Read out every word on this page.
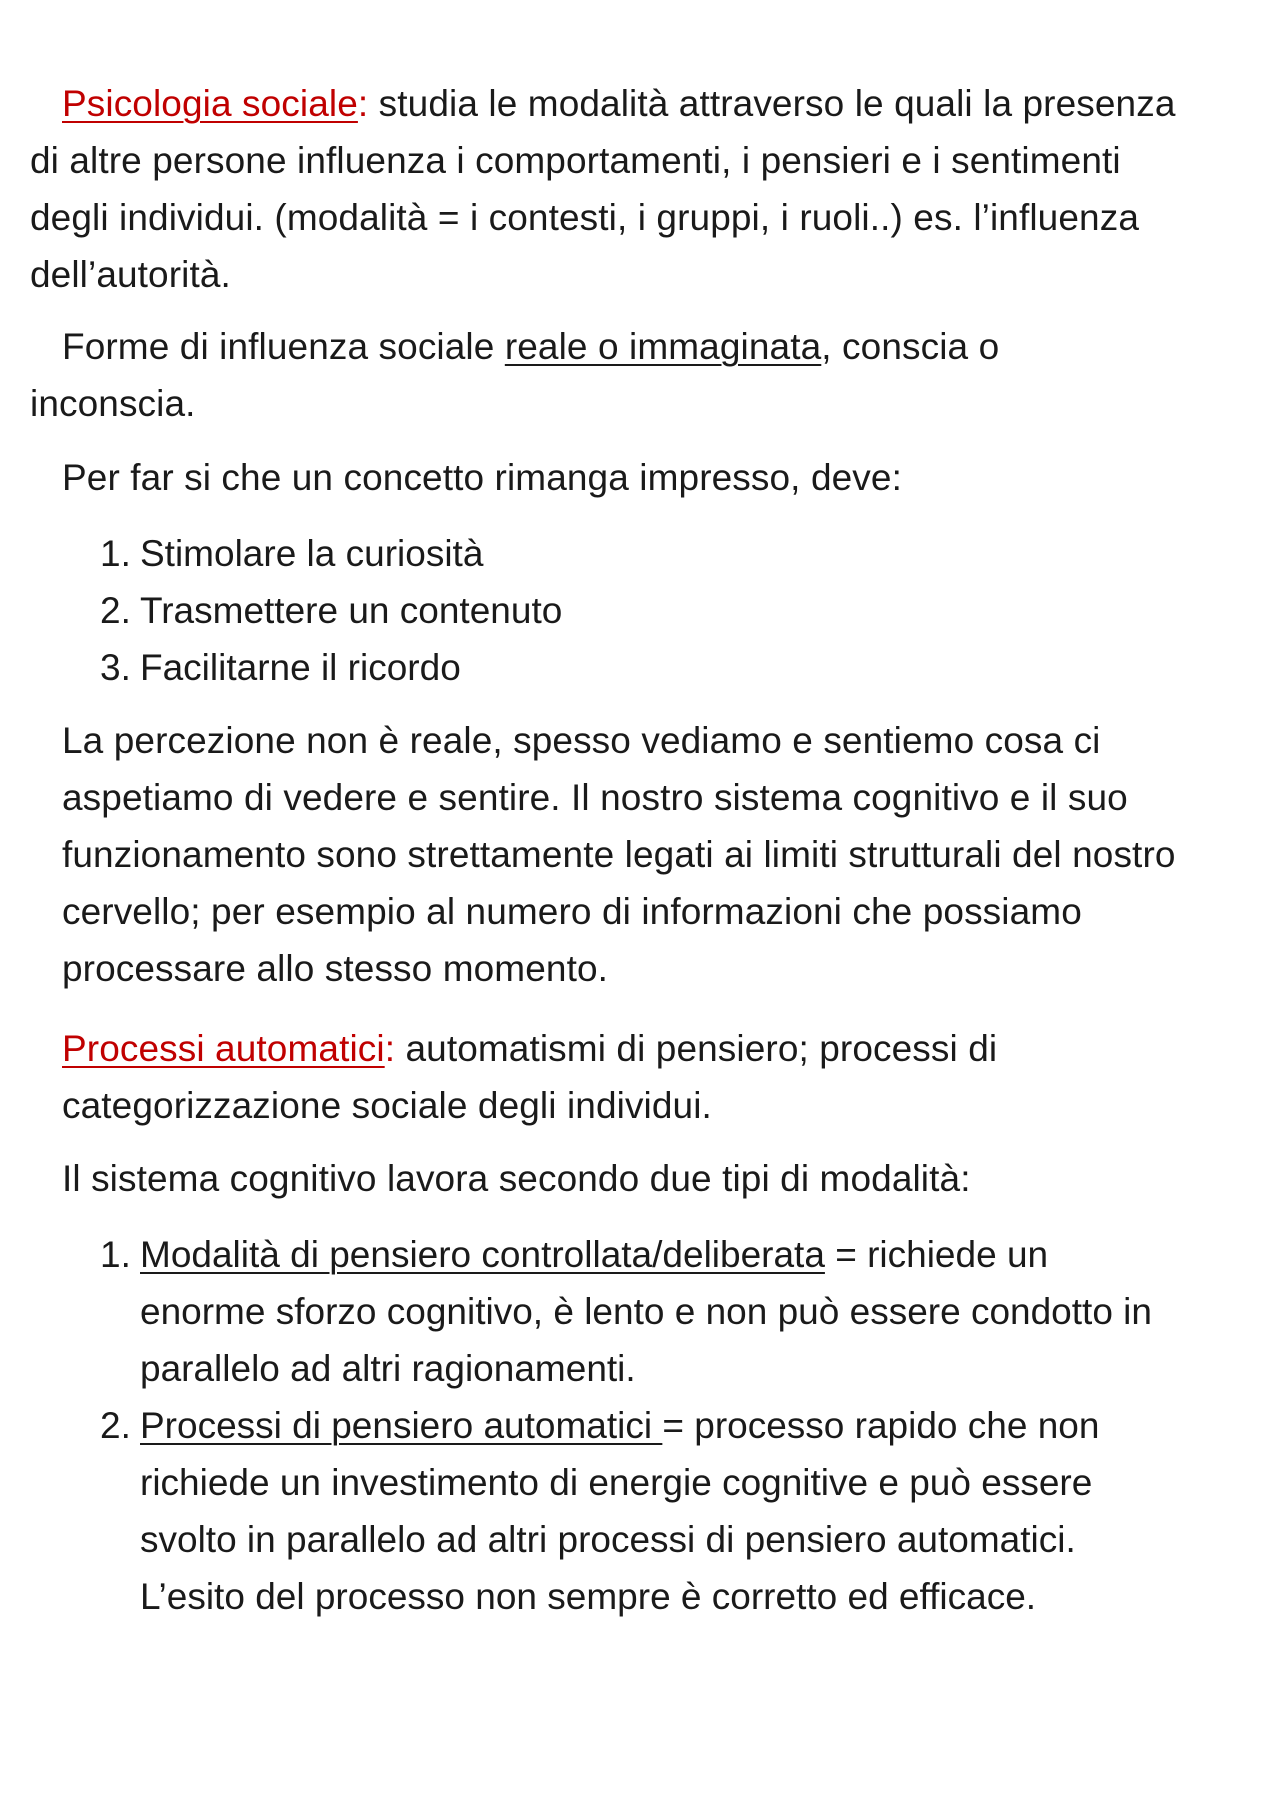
Psicologia sociale: studia le modalità attraverso le quali la presenza di altre persone influenza i comportamenti, i pensieri e i sentimenti degli individui. (modalità = i contesti, i gruppi, i ruoli..) es. l’influenza dell’autorità.

Forme di influenza sociale reale o immaginata, conscia o inconscia.

Per far si che un concetto rimanga impresso, deve:

1. Stimolare la curiosità
2. Trasmettere un contenuto
3. Facilitarne il ricordo

La percezione non è reale, spesso vediamo e sentiemo cosa ci aspetiamo di vedere e sentire. Il nostro sistema cognitivo e il suo funzionamento sono strettamente legati ai limiti strutturali del nostro cervello; per esempio al numero di informazioni che possiamo processare allo stesso momento.

Processi automatici: automatismi di pensiero; processi di categorizzazione sociale degli individui.

Il sistema cognitivo lavora secondo due tipi di modalità:

1. Modalità di pensiero controllata/deliberata = richiede un enorme sforzo cognitivo, è lento e non può essere condotto in parallelo ad altri ragionamenti.
2. Processi di pensiero automatici = processo rapido che non richiede un investimento di energie cognitive e può essere svolto in parallelo ad altri processi di pensiero automatici. L’esito del processo non sempre è corretto ed efficace.
